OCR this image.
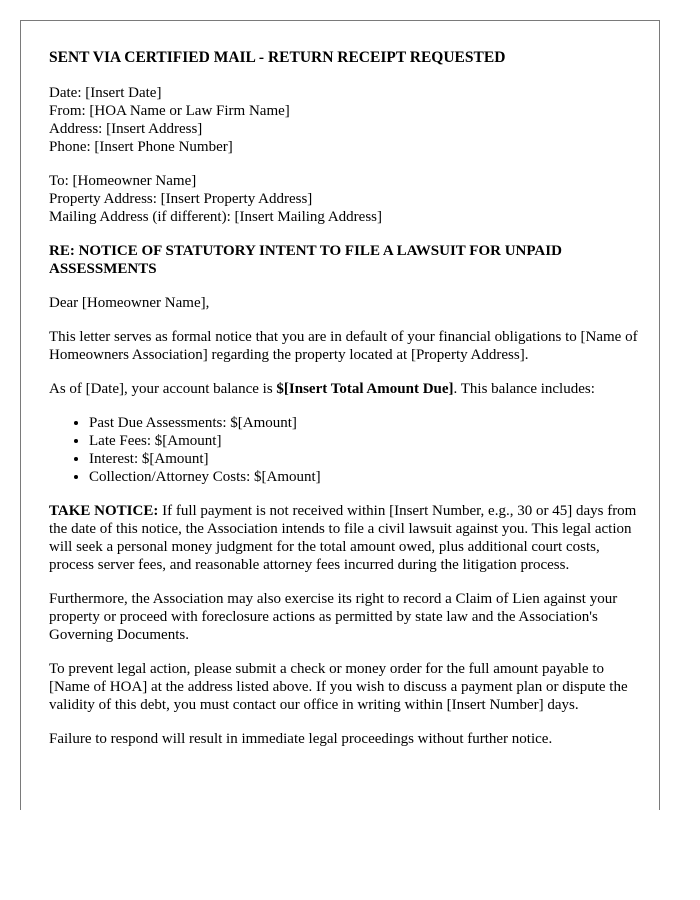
SENT VIA CERTIFIED MAIL - RETURN RECEIPT REQUESTED
Date: [Insert Date]
From: [HOA Name or Law Firm Name]
Address: [Insert Address]
Phone: [Insert Phone Number]
To: [Homeowner Name]
Property Address: [Insert Property Address]
Mailing Address (if different): [Insert Mailing Address]
RE: NOTICE OF STATUTORY INTENT TO FILE A LAWSUIT FOR UNPAID ASSESSMENTS

Dear [Homeowner Name],

This letter serves as formal notice that you are in default of your financial obligations to [Name of Homeowners Association] regarding the property located at [Property Address].

As of [Date], your account balance is $[Insert Total Amount Due]. This balance includes:

• Past Due Assessments: $[Amount]
• Late Fees: $[Amount]
• Interest: $[Amount]
• Collection/Attorney Costs: $[Amount]

TAKE NOTICE: If full payment is not received within [Insert Number, e.g., 30 or 45] days from the date of this notice, the Association intends to file a civil lawsuit against you. This legal action will seek a personal money judgment for the total amount owed, plus additional court costs, process server fees, and reasonable attorney fees incurred during the litigation process.

Furthermore, the Association may also exercise its right to record a Claim of Lien against your property or proceed with foreclosure actions as permitted by state law and the Association's Governing Documents.

To prevent legal action, please submit a check or money order for the full amount payable to [Name of HOA] at the address listed above. If you wish to discuss a payment plan or dispute the validity of this debt, you must contact our office in writing within [Insert Number] days.

Failure to respond will result in immediate legal proceedings without further notice.
